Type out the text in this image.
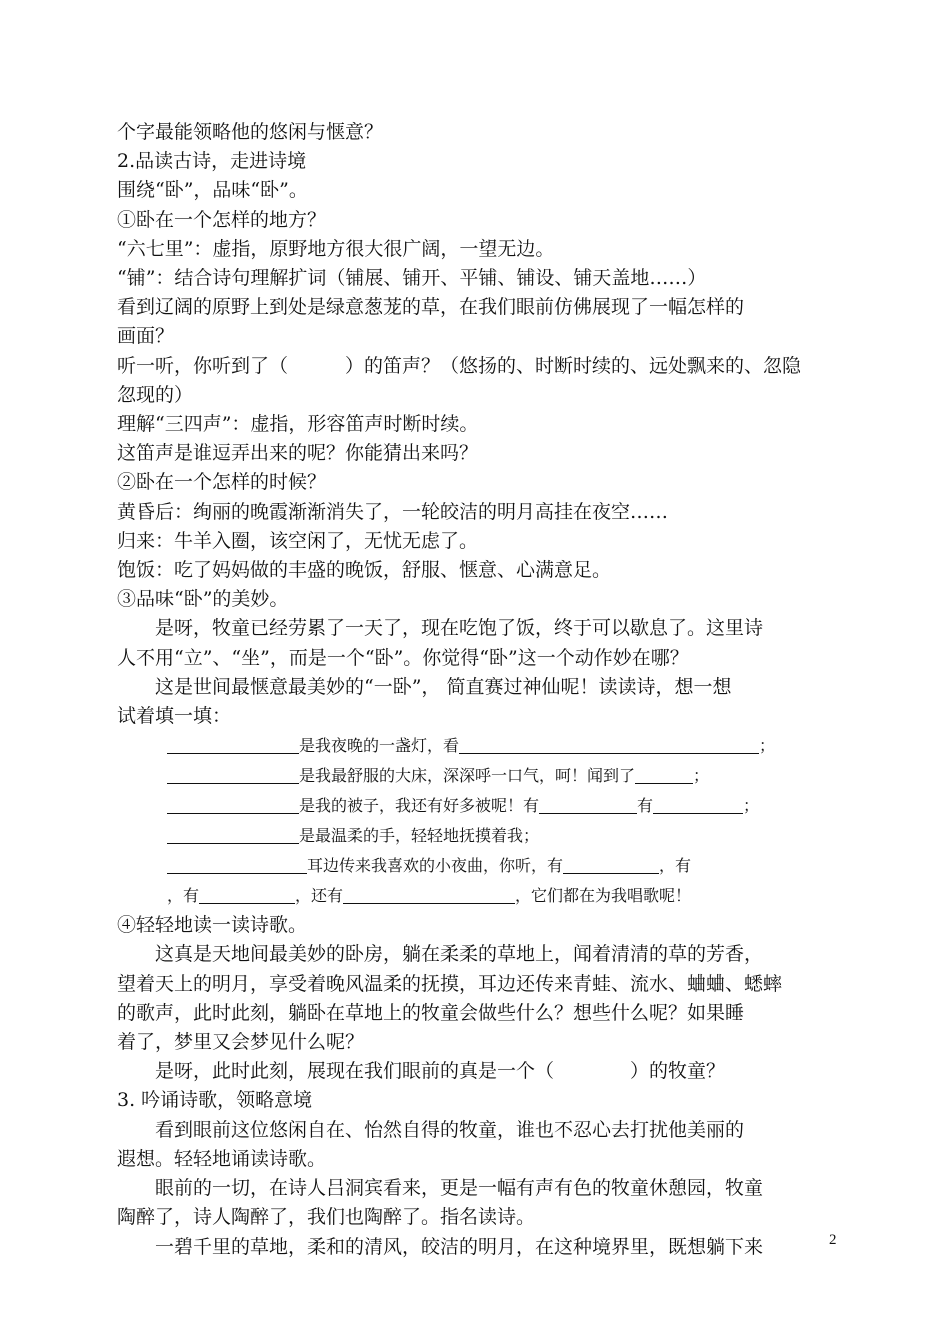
个字最能领略他的悠闲与惬意？
2.品读古诗，走进诗境
围绕“卧”，品味“卧”。
①卧在一个怎样的地方？
“六七里”：虚指，原野地方很大很广阔，一望无边。
“铺”：结合诗句理解扩词（铺展、铺开、平铺、铺设、铺天盖地……）
看到辽阔的原野上到处是绿意葱茏的草，在我们眼前仿佛展现了一幅怎样的
画面？
听一听，你听到了（　　　）的笛声？（悠扬的、时断时续的、远处飘来的、忽隐
忽现的）
理解“三四声”：虚指，形容笛声时断时续。
这笛声是谁逗弄出来的呢？你能猜出来吗？
②卧在一个怎样的时候？
黄昏后：绚丽的晚霞渐渐消失了，一轮皎洁的明月高挂在夜空……
归来：牛羊入圈，该空闲了，无忧无虑了。
饱饭：吃了妈妈做的丰盛的晚饭，舒服、惬意、心满意足。
③品味“卧”的美妙。
是呀，牧童已经劳累了一天了，现在吃饱了饭，终于可以歇息了。这里诗
人不用“立”、“坐”，而是一个“卧”。你觉得“卧”这一个动作妙在哪？
这是世间最惬意最美妙的“一卧”， 简直赛过神仙呢！读读诗，想一想
试着填一填：
是我夜晚的一盏灯，看	；
是我最舒服的大床，深深呼一口气，呵！闻到了	；
是我的被子，我还有好多被呢！有	有	；
是最温柔的手，轻轻地抚摸着我；
耳边传来我喜欢的小夜曲，你听，有	，有
，有	，还有	，它们都在为我唱歌呢！
④轻轻地读一读诗歌。
这真是天地间最美妙的卧房，躺在柔柔的草地上，闻着清清的草的芳香，
望着天上的明月，享受着晚风温柔的抚摸，耳边还传来青蛙、流水、蛐蛐、蟋蟀
的歌声，此时此刻，躺卧在草地上的牧童会做些什么？想些什么呢？如果睡
着了，梦里又会梦见什么呢？
是呀，此时此刻，展现在我们眼前的真是一个（　　　　）的牧童？
3. 吟诵诗歌，领略意境
看到眼前这位悠闲自在、怡然自得的牧童，谁也不忍心去打扰他美丽的
遐想。轻轻地诵读诗歌。
眼前的一切，在诗人吕洞宾看来，更是一幅有声有色的牧童休憩园，牧童
陶醉了，诗人陶醉了，我们也陶醉了。指名读诗。
一碧千里的草地，柔和的清风，皎洁的明月，在这种境界里，既想躺下来	2
